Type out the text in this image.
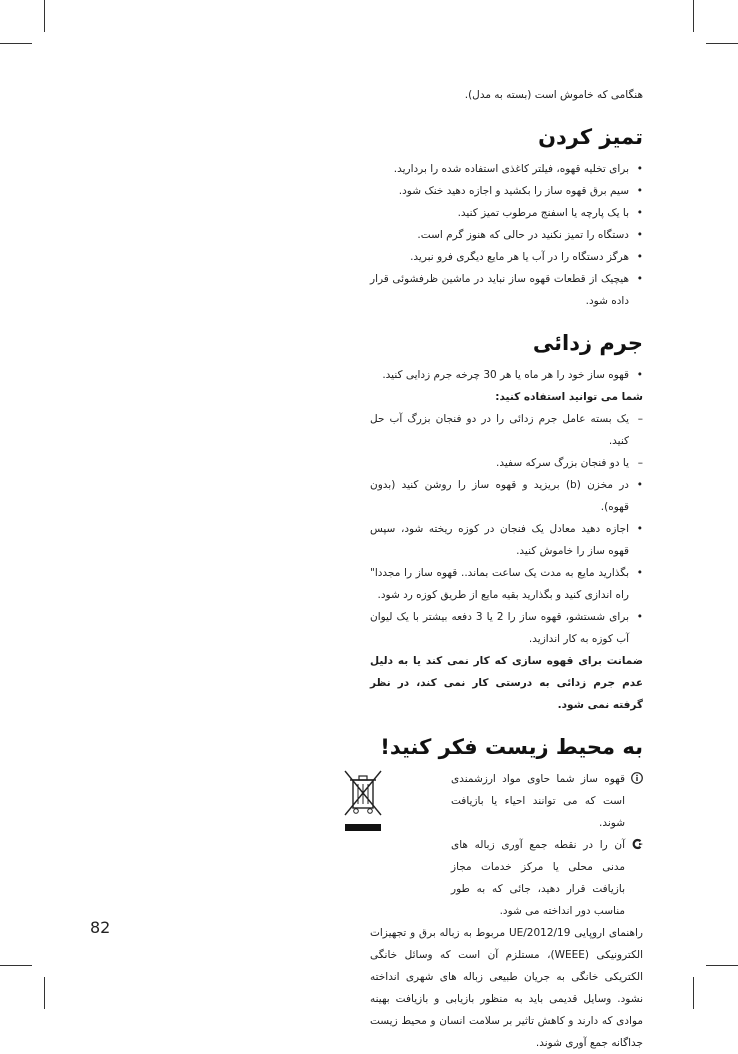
هنگامی که خاموش است (بسته به مدل).

تمیز کردن
• برای تخلیه قهوه، فیلتر کاغذی استفاده شده را بردارید.
• سیم برق قهوه ساز را بکشید و اجازه دهید خنک شود.
• با یک پارچه یا اسفنج مرطوب تمیز کنید.
• دستگاه را تمیز نکنید در حالی که هنوز گرم است.
• هرگز دستگاه را در آب یا هر مایع دیگری فرو نبرید.
• هیچیک از قطعات قهوه ساز نباید در ماشین ظرفشوئی قرار داده شود.
جرم زدائی
• قهوه ساز خود را هر ماه یا هر 30 چرخه جرم زدایی کنید.
شما می توانید استفاده کنید:
– یک بسته عامل جرم زدائی را در دو فنجان بزرگ آب حل کنید.
– یا دو فنجان بزرگ سرکه سفید.
• در مخزن (b) بریزید و قهوه ساز را روشن کنید (بدون قهوه).
• اجازه دهید معادل یک فنجان در کوزه ریخته شود، سپس قهوه ساز را خاموش کنید.
• بگذارید مایع به مدت یک ساعت بماند.. قهوه ساز را مجددا" راه اندازی کنید و بگذارید بقیه مایع از طریق کوزه رد شود.
• برای شستشو، قهوه ساز را 2 یا 3 دفعه بیشتر با یک لیوان آب کوزه به کار اندازید.
ضمانت برای قهوه سازی که کار نمی کند یا به دلیل عدم جرم زدائی به درستی کار نمی کند، در نظر گرفته نمی شود.
به محیط زیست فکر کنید!
قهوه ساز شما حاوی مواد ارزشمندی است که می توانند احیاء یا بازیافت شوند.
آن را در نقطه جمع آوری زباله های مدنی محلی یا مرکز خدمات مجاز بازیافت قرار دهید، جائی که به طور مناسب دور انداخته می شود.

راهنمای اروپایی UE/2012/19 مربوط به زباله برق و تجهیزات الکترونیکی (WEEE)، مستلزم آن است که وسائل خانگی الکتریکی خانگی به جریان طبیعی زباله های شهری انداخته نشود. وسایل قدیمی باید به منظور بازیابی و بازیافت بهینه موادی که دارند و کاهش تاثیر بر سلامت انسان و محیط زیست جداگانه جمع آوری شوند.

82
